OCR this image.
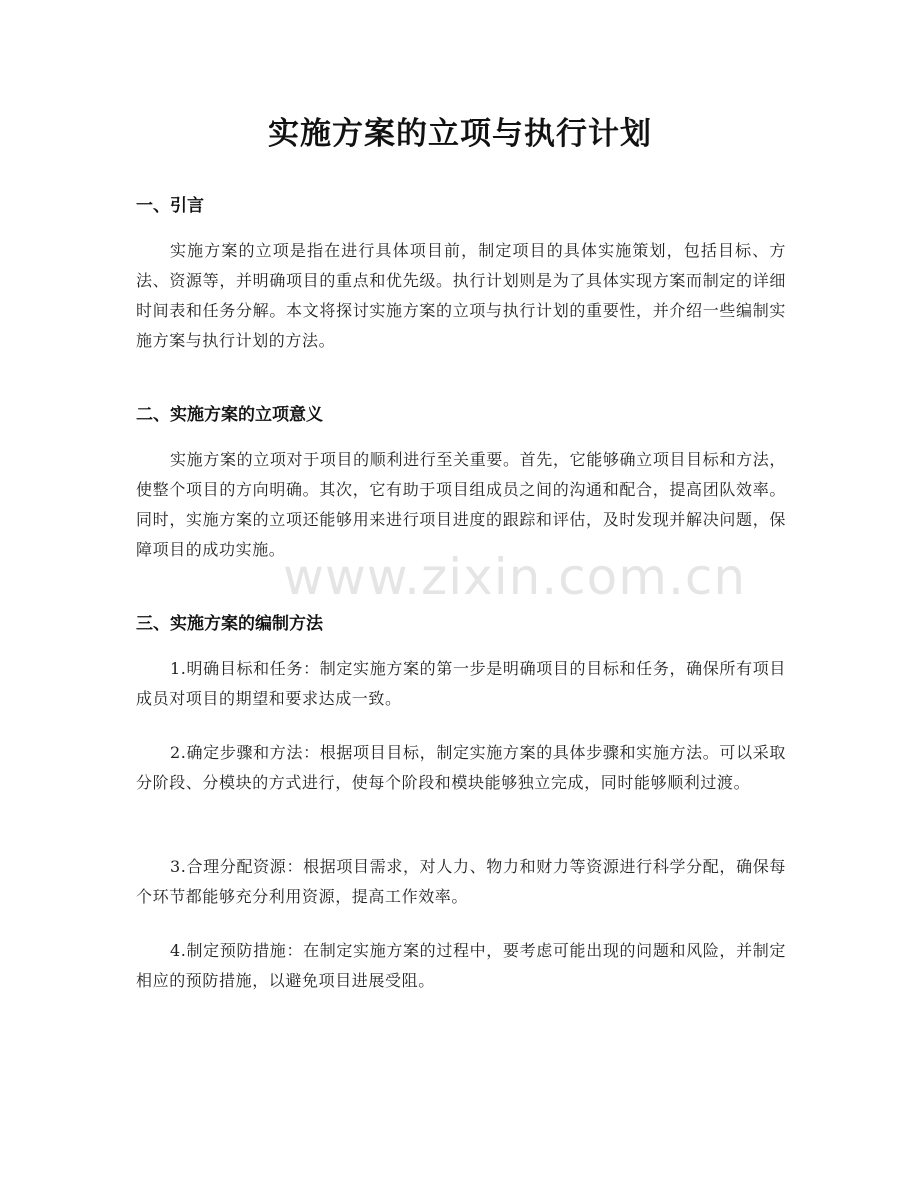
实施方案的立项与执行计划
一、引言

实施方案的立项是指在进行具体项目前，制定项目的具体实施策划，包括目标、方法、资源等，并明确项目的重点和优先级。执行计划则是为了具体实现方案而制定的详细时间表和任务分解。本文将探讨实施方案的立项与执行计划的重要性，并介绍一些编制实施方案与执行计划的方法。

二、实施方案的立项意义

实施方案的立项对于项目的顺利进行至关重要。首先，它能够确立项目目标和方法，使整个项目的方向明确。其次，它有助于项目组成员之间的沟通和配合，提高团队效率。同时，实施方案的立项还能够用来进行项目进度的跟踪和评估，及时发现并解决问题，保障项目的成功实施。

三、实施方案的编制方法

1.明确目标和任务：制定实施方案的第一步是明确项目的目标和任务，确保所有项目成员对项目的期望和要求达成一致。

2.确定步骤和方法：根据项目目标，制定实施方案的具体步骤和实施方法。可以采取分阶段、分模块的方式进行，使每个阶段和模块能够独立完成，同时能够顺利过渡。

3.合理分配资源：根据项目需求，对人力、物力和财力等资源进行科学分配，确保每个环节都能够充分利用资源，提高工作效率。

4.制定预防措施：在制定实施方案的过程中，要考虑可能出现的问题和风险，并制定相应的预防措施，以避免项目进展受阻。

www.zixin.com.cn
